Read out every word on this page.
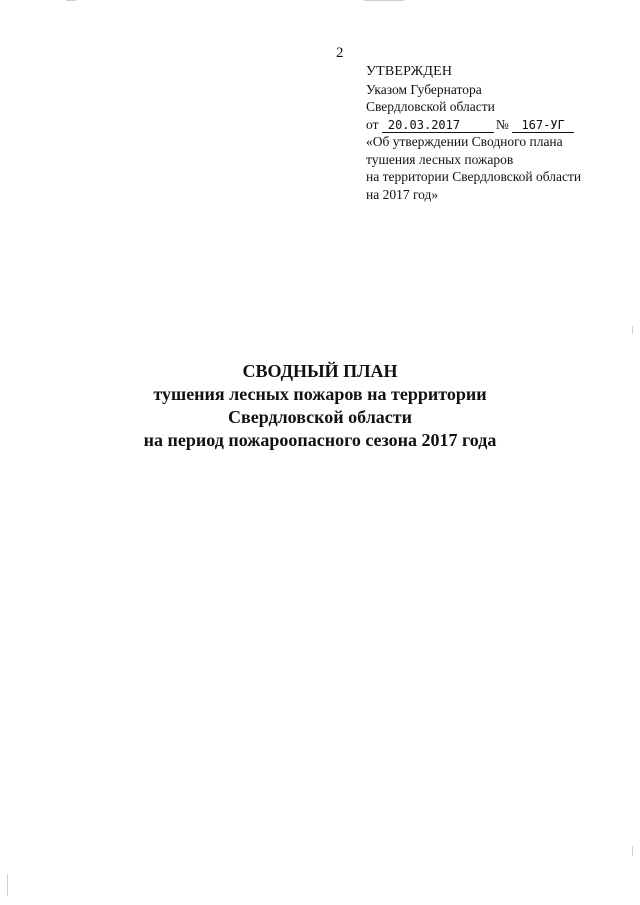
2
УТВЕРЖДЕН
Указом Губернатора
Свердловской области
от 20.03.2017	№ 167-УГ
«Об утверждении Сводного плана
тушения лесных пожаров
на территории Свердловской области
на 2017 год»
СВОДНЫЙ ПЛАН
тушения лесных пожаров на территории
Свердловской области
на период пожароопасного сезона 2017 года
